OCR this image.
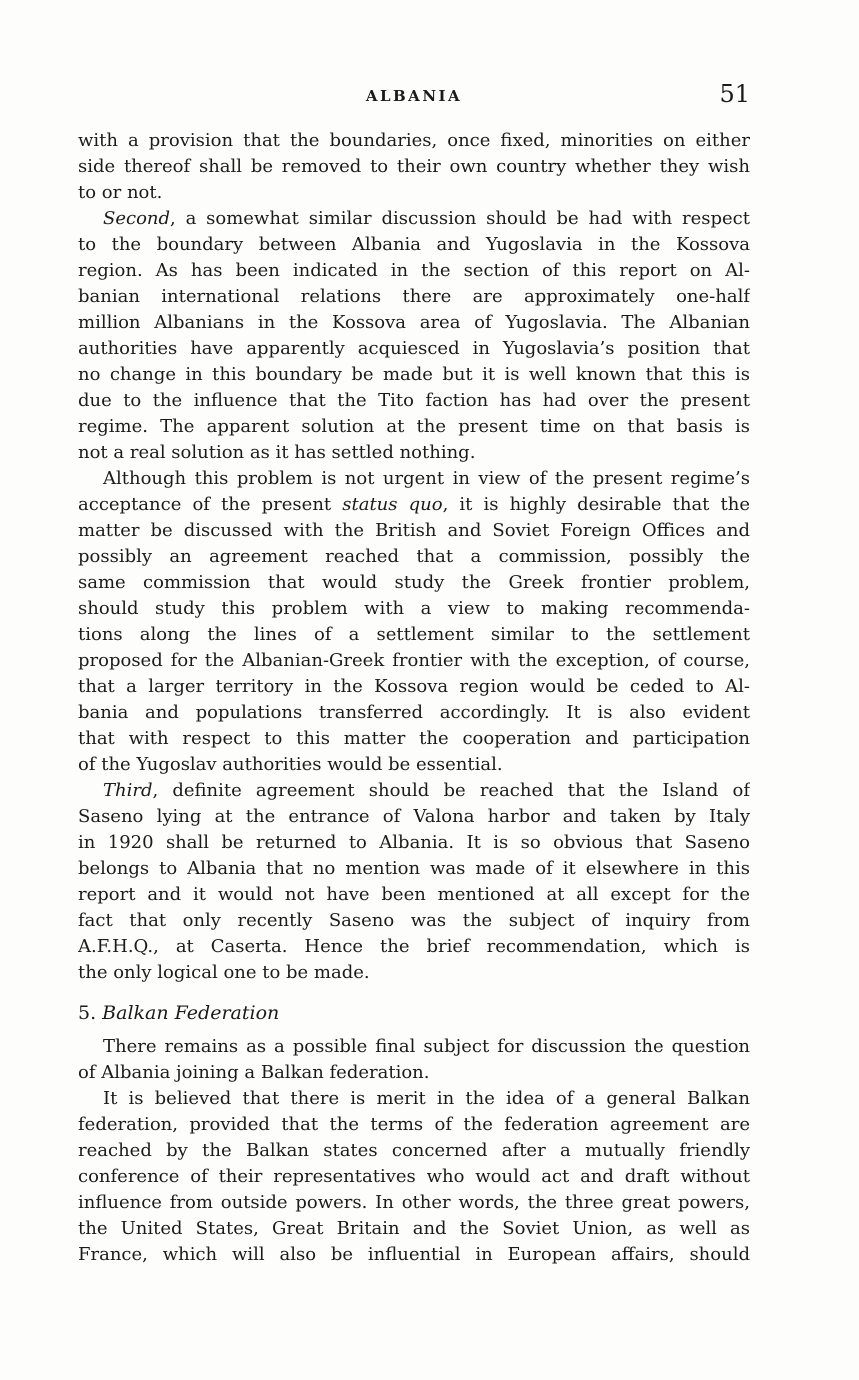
ALBANIA	51
with a provision that the boundaries, once fixed, minorities on either
side thereof shall be removed to their own country whether they wish
to or not.
Second, a somewhat similar discussion should be had with respect
to the boundary between Albania and Yugoslavia in the Kossova
region. As has been indicated in the section of this report on Al-
banian international relations there are approximately one-half
million Albanians in the Kossova area of Yugoslavia. The Albanian
authorities have apparently acquiesced in Yugoslavia’s position that
no change in this boundary be made but it is well known that this is
due to the influence that the Tito faction has had over the present
regime. The apparent solution at the present time on that basis is
not a real solution as it has settled nothing.
Although this problem is not urgent in view of the present regime’s
acceptance of the present status quo, it is highly desirable that the
matter be discussed with the British and Soviet Foreign Offices and
possibly an agreement reached that a commission, possibly the
same commission that would study the Greek frontier problem,
should study this problem with a view to making recommenda-
tions along the lines of a settlement similar to the settlement
proposed for the Albanian-Greek frontier with the exception, of course,
that a larger territory in the Kossova region would be ceded to Al-
bania and populations transferred accordingly. It is also evident
that with respect to this matter the cooperation and participation
of the Yugoslav authorities would be essential.
Third, definite agreement should be reached that the Island of
Saseno lying at the entrance of Valona harbor and taken by Italy
in 1920 shall be returned to Albania. It is so obvious that Saseno
belongs to Albania that no mention was made of it elsewhere in this
report and it would not have been mentioned at all except for the
fact that only recently Saseno was the subject of inquiry from
A.F.H.Q., at Caserta. Hence the brief recommendation, which is
the only logical one to be made.
5. Balkan Federation
There remains as a possible final subject for discussion the question
of Albania joining a Balkan federation.
It is believed that there is merit in the idea of a general Balkan
federation, provided that the terms of the federation agreement are
reached by the Balkan states concerned after a mutually friendly
conference of their representatives who would act and draft without
influence from outside powers. In other words, the three great powers,
the United States, Great Britain and the Soviet Union, as well as
France, which will also be influential in European affairs, should
